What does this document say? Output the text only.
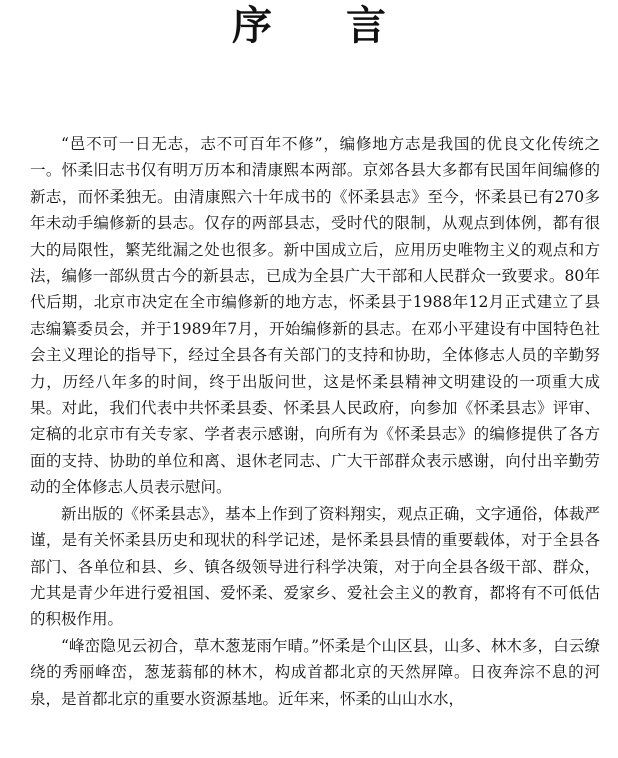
序 言

“邑不可一日无志，志不可百年不修”，编修地方志是我国的优良文化传统之一。怀柔旧志书仅有明万历本和清康熙本两部。京郊各县大多都有民国年间编修的新志，而怀柔独无。由清康熙六十年成书的《怀柔县志》至今，怀柔县已有270多年未动手编修新的县志。仅存的两部县志，受时代的限制，从观点到体例，都有很大的局限性，繁芜纰漏之处也很多。新中国成立后，应用历史唯物主义的观点和方法，编修一部纵贯古今的新县志，已成为全县广大干部和人民群众一致要求。80年代后期，北京市决定在全市编修新的地方志，怀柔县于1988年12月正式建立了县志编纂委员会，并于1989年7月，开始编修新的县志。在邓小平建设有中国特色社会主义理论的指导下，经过全县各有关部门的支持和协助，全体修志人员的辛勤努力，历经八年多的时间，终于出版问世，这是怀柔县精神文明建设的一项重大成果。对此，我们代表中共怀柔县委、怀柔县人民政府，向参加《怀柔县志》评审、定稿的北京市有关专家、学者表示感谢，向所有为《怀柔县志》的编修提供了各方面的支持、协助的单位和离、退休老同志、广大干部群众表示感谢，向付出辛勤劳动的全体修志人员表示慰问。

新出版的《怀柔县志》，基本上作到了资料翔实，观点正确，文字通俗，体裁严谨，是有关怀柔县历史和现状的科学记述，是怀柔县县情的重要载体，对于全县各部门、各单位和县、乡、镇各级领导进行科学决策，对于向全县各级干部、群众，尤其是青少年进行爱祖国、爱怀柔、爱家乡、爱社会主义的教育，都将有不可低估的积极作用。

“峰峦隐见云初合，草木葱茏雨乍晴。”怀柔是个山区县，山多、林木多，白云缭绕的秀丽峰峦，葱茏蓊郁的林木，构成首都北京的天然屏障。日夜奔淙不息的河泉，是首都北京的重要水资源基地。近年来，怀柔的山山水水，
